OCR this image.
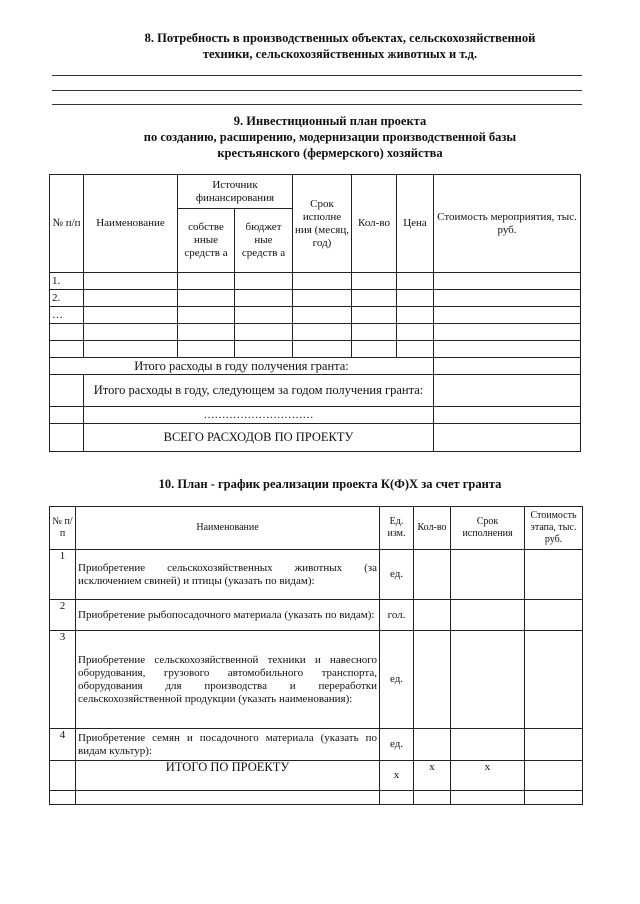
8. Потребность в производственных объектах, сельскохозяйственной
техники, сельскохозяйственных животных и т.д.
9. Инвестиционный план проекта
по созданию, расширению, модернизации производственной базы
крестьянского (фермерского) хозяйства
№ п/п	Наименование	Источник финансирования		Срок исполне ния (месяц, год)	Кол-во	Цена	Стоимость мероприятия, тыс. руб.
		собстве нные средств а	бюджет ные средств а				
1.							
2.							
…							

Итого расходы в году получения гранта:							
	Итого расходы в году, следующем за годом получения гранта:						
	…………………………						
	ВСЕГО РАСХОДОВ ПО ПРОЕКТУ						
10. План - график реализации проекта К(Ф)Х за счет гранта
№ п/п	Наименование	Ед. изм.	Кол-во	Срок исполнения	Стоимость этапа, тыс. руб.
1	Приобретение сельскохозяйственных животных (за исключением свиней) и птицы (указать по видам):	ед.			
2	Приобретение рыбопосадочного материала (указать по видам):	гол.			
3	Приобретение сельскохозяйственной техники и навесного оборудования, грузового автомобильного транспорта, оборудования для производства и переработки сельскохозяйственной продукции (указать наименования):	ед.			
4	Приобретение семян и посадочного материала (указать по видам культур):	ед.			
	ИТОГО ПО ПРОЕКТУ	х	х	х	
